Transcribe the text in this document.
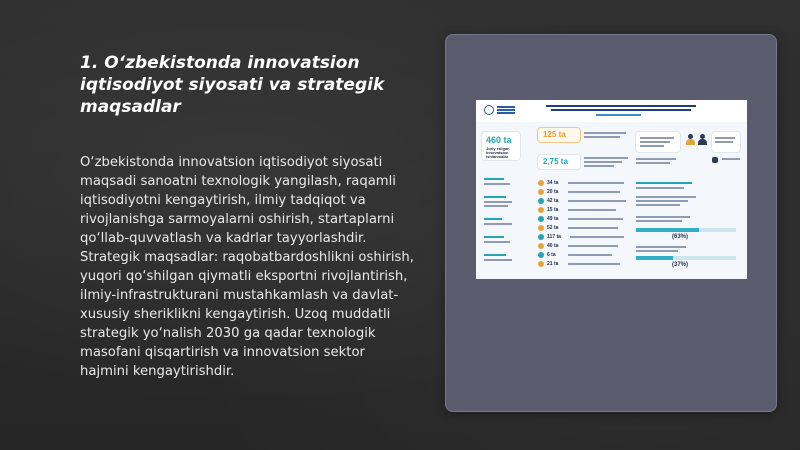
1. O‘zbekistonda innovatsion iqtisodiyot siyosati va strategik maqsadlar

O‘zbekistonda innovatsion iqtisodiyot siyosati maqsadi sanoatni texnologik yangilash, raqamli iqtisodiyotni kengaytirish, ilmiy tadqiqot va rivojlanishga sarmoyalarni oshirish, startaplarni qo‘llab-quvvatlash va kadrlar tayyorlashdir. Strategik maqsadlar: raqobatbardoshlikni oshirish, yuqori qo‘shilgan qiymatli eksportni rivojlantirish, ilmiy-infrastrukturani mustahkamlash va davlat-xususiy sheriklikni kengaytirish. Uzoq muddatli strategik yo‘nalish 2030 ga qadar texnologik masofani qisqartirish va innovatsion sektor hajmini kengaytirishdir.

460 ta
Joriy etilgan
innovatsion
ishlanmalar
125 ta
2,75 ta
34 ta
20 ta
42 ta
15 ta
49 ta
52 ta
117 ta
40 ta
6 ta
21 ta
(63%)
(37%)
